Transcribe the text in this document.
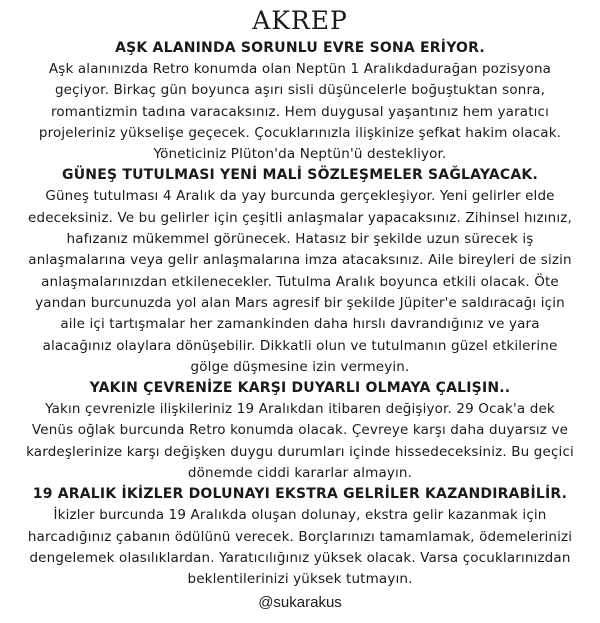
AKREP
AŞK ALANINDA SORUNLU EVRE SONA ERİYOR.

Aşk alanınızda Retro konumda olan Neptün 1 Aralıkdadurağan pozisyona
geçiyor. Birkaç gün boyunca aşırı sisli düşüncelerle boğuştuktan sonra,
romantizmin tadına varacaksınız. Hem duygusal yaşantınız hem yaratıcı
projeleriniz yükselişe geçecek. Çocuklarınızla ilişkinize şefkat hakim olacak.
Yöneticiniz Plüton'da Neptün'ü destekliyor.

GÜNEŞ TUTULMASI YENİ MALİ SÖZLEŞMELER SAĞLAYACAK.

Güneş tutulması 4 Aralık da yay burcunda gerçekleşiyor. Yeni gelirler elde
edeceksiniz. Ve bu gelirler için çeşitli anlaşmalar yapacaksınız. Zihinsel hızınız,
hafızanız mükemmel görünecek. Hatasız bir şekilde uzun sürecek iş
anlaşmalarına veya gelir anlaşmalarına imza atacaksınız. Aile bireyleri de sizin
anlaşmalarınızdan etkilenecekler. Tutulma Aralık boyunca etkili olacak. Öte
yandan burcunuzda yol alan Mars agresif bir şekilde Jüpiter'e saldıracağı için
aile içi tartışmalar her zamankinden daha hırslı davrandığınız ve yara
alacağınız olaylara dönüşebilir. Dikkatli olun ve tutulmanın güzel etkilerine
gölge düşmesine izin vermeyin.

YAKIN ÇEVRENİZE KARŞI DUYARLI OLMAYA ÇALIŞIN..

Yakın çevrenizle ilişkileriniz 19 Aralıkdan itibaren değişiyor. 29 Ocak'a dek
Venüs oğlak burcunda Retro konumda olacak. Çevreye karşı daha duyarsız ve
kardeşlerinize karşı değişken duygu durumları içinde hissedeceksiniz. Bu geçici
dönemde ciddi kararlar almayın.

19 ARALIK İKİZLER DOLUNAYI EKSTRA GELRİLER KAZANDIRABİLİR.

İkizler burcunda 19 Aralıkda oluşan dolunay, ekstra gelir kazanmak için
harcadığınız çabanın ödülünü verecek. Borçlarınızı tamamlamak, ödemelerinizi
dengelemek olasılıklardan. Yaratıcılığınız yüksek olacak. Varsa çocuklarınızdan
beklentilerinizi yüksek tutmayın.

@sukarakus
